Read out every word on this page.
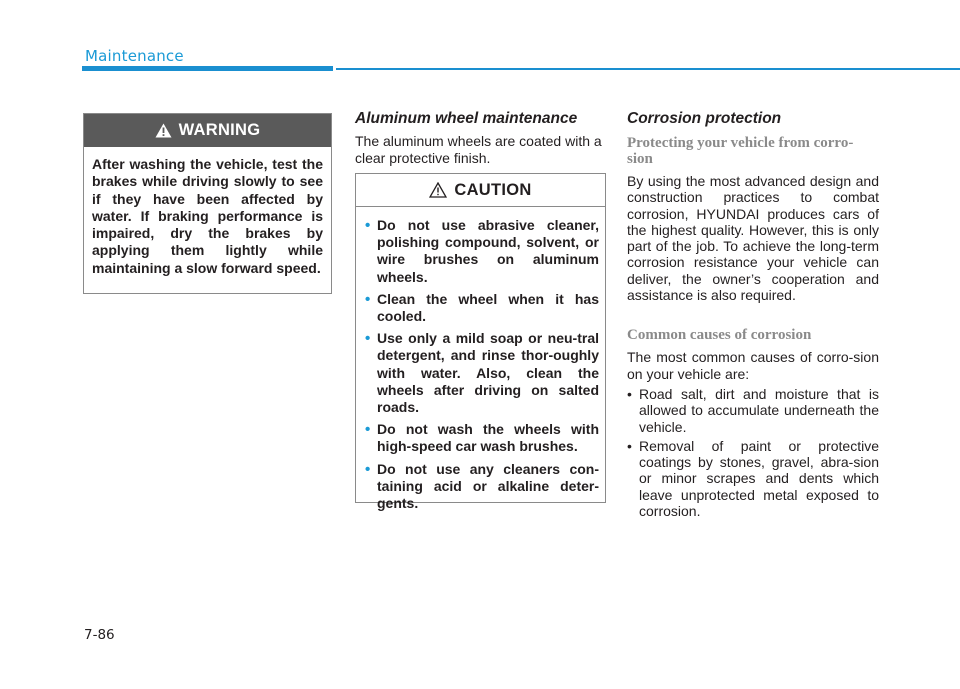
Maintenance
WARNING
After washing the vehicle, test the brakes while driving slowly to see if they have been affected by water. If braking performance is impaired, dry the brakes by applying them lightly while maintaining a slow forward speed.
Aluminum wheel maintenance
The aluminum wheels are coated with a clear protective finish.
CAUTION
• Do not use abrasive cleaner, polishing compound, solvent, or wire brushes on aluminum wheels.
• Clean the wheel when it has cooled.
• Use only a mild soap or neu-tral detergent, and rinse thor-oughly with water. Also, clean the wheels after driving on salted roads.
• Do not wash the wheels with high-speed car wash brushes.
• Do not use any cleaners con-taining acid or alkaline deter-gents.
Corrosion protection
Protecting your vehicle from corro-sion

By using the most advanced design and construction practices to combat corrosion, HYUNDAI produces cars of the highest quality. However, this is only part of the job. To achieve the long-term corrosion resistance your vehicle can deliver, the owner’s cooperation and assistance is also required.

Common causes of corrosion

The most common causes of corro-sion on your vehicle are:

• Road salt, dirt and moisture that is allowed to accumulate underneath the vehicle.
• Removal of paint or protective coatings by stones, gravel, abra-sion or minor scrapes and dents which leave unprotected metal exposed to corrosion.
7-86
